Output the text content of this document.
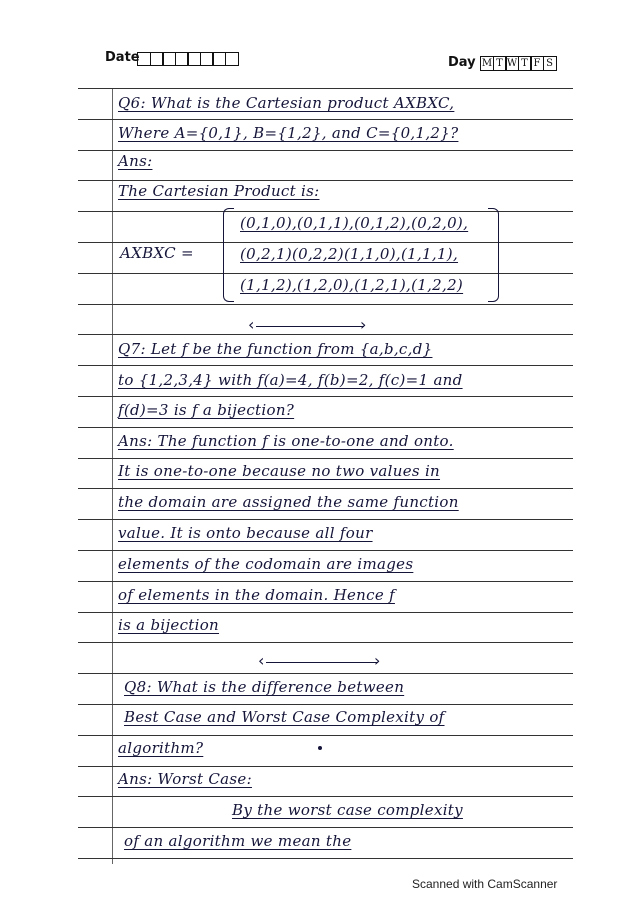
Date	Day M T W T F S
Q6: What is the Cartesian product AXBXC,
Where A={0,1}, B={1,2}, and C={0,1,2}?
Ans:
The Cartesian Product is:
AXBXC =
(0,1,0),(0,1,1),(0,1,2),(0,2,0),
(0,2,1)(0,2,2)(1,1,0),(1,1,1),
(1,1,2),(1,2,0),(1,2,1),(1,2,2)
‹	›
Q7: Let f be the function from {a,b,c,d}
to {1,2,3,4} with f(a)=4, f(b)=2, f(c)=1 and
f(d)=3 is f a bijection?
Ans: The function f is one-to-one and onto.
It is one-to-one because no two values in
the domain are assigned the same function
value. It is onto because all four
elements of the codomain are images
of elements in the domain. Hence f
is a bijection
‹	›
Q8: What is the difference between
Best Case and Worst Case Complexity of
algorithm?
Ans: Worst Case:
By the worst case complexity
of an algorithm we mean the
Scanned with CamScanner
